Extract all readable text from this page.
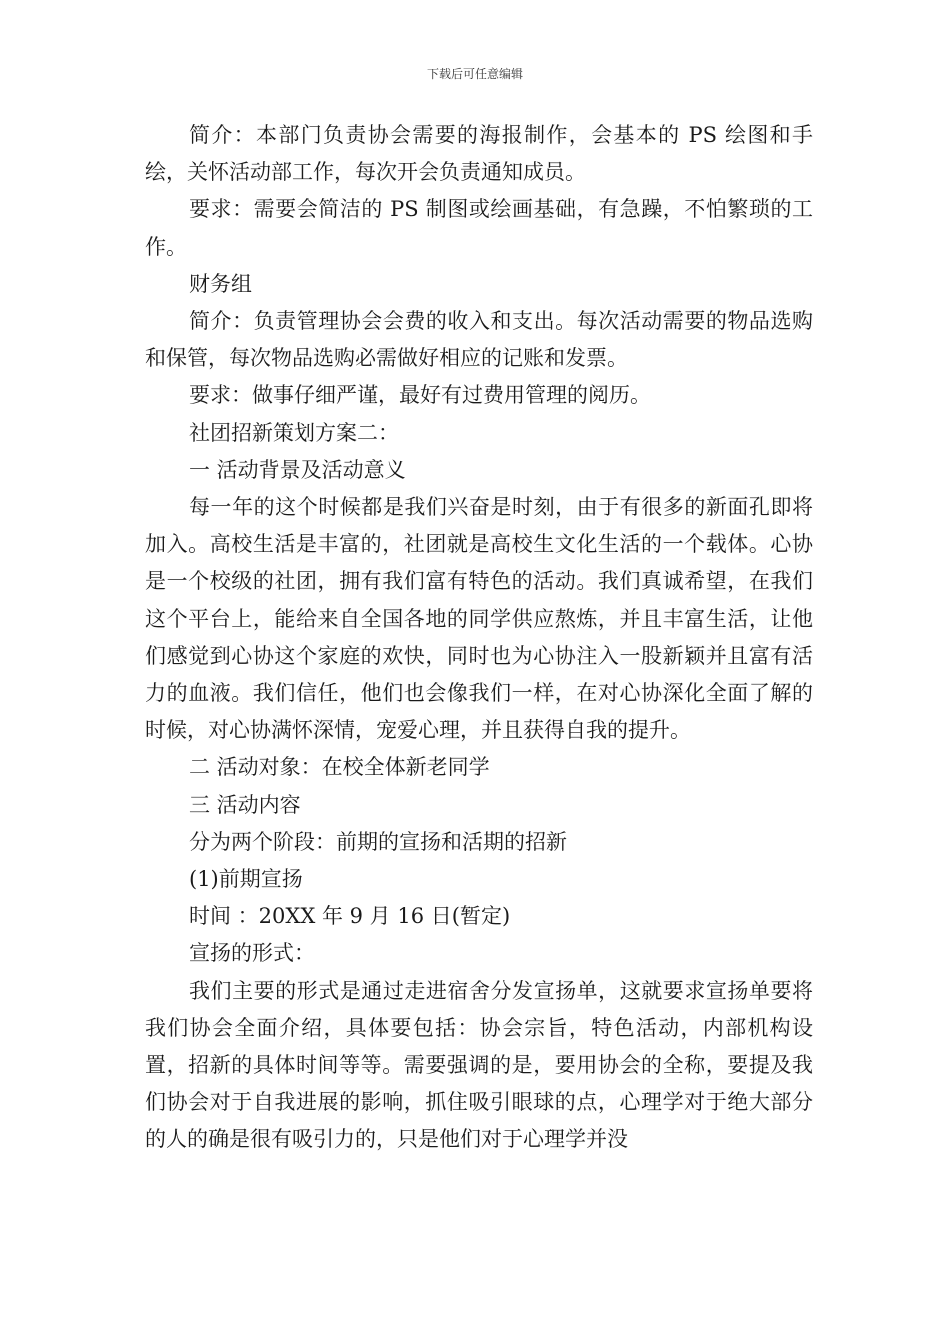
下载后可任意编辑

简介：本部门负责协会需要的海报制作，会基本的 PS 绘图和手绘，关怀活动部工作，每次开会负责通知成员。

要求：需要会简洁的 PS 制图或绘画基础，有急躁，不怕繁琐的工作。

财务组

简介：负责管理协会会费的收入和支出。每次活动需要的物品选购和保管，每次物品选购必需做好相应的记账和发票。

要求：做事仔细严谨，最好有过费用管理的阅历。

社团招新策划方案二：

一 活动背景及活动意义

每一年的这个时候都是我们兴奋是时刻，由于有很多的新面孔即将加入。高校生活是丰富的，社团就是高校生文化生活的一个载体。心协是一个校级的社团，拥有我们富有特色的活动。我们真诚希望，在我们这个平台上，能给来自全国各地的同学供应熬炼，并且丰富生活，让他们感觉到心协这个家庭的欢快，同时也为心协注入一股新颖并且富有活力的血液。我们信任，他们也会像我们一样，在对心协深化全面了解的时候，对心协满怀深情，宠爱心理，并且获得自我的提升。

二 活动对象：在校全体新老同学

三 活动内容

分为两个阶段：前期的宣扬和活期的招新

(1)前期宣扬

时间 ：20XX 年 9 月 16 日(暂定)

宣扬的形式：

我们主要的形式是通过走进宿舍分发宣扬单，这就要求宣扬单要将我们协会全面介绍，具体要包括：协会宗旨，特色活动，内部机构设置，招新的具体时间等等。需要强调的是，要用协会的全称，要提及我们协会对于自我进展的影响，抓住吸引眼球的点，心理学对于绝大部分的人的确是很有吸引力的，只是他们对于心理学并没
